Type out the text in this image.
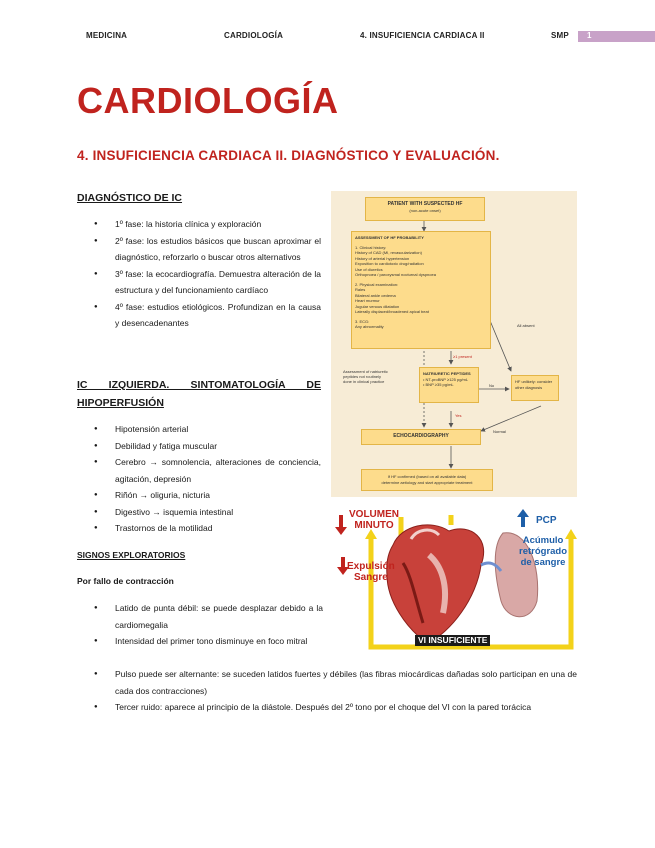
MEDICINA	CARDIOLOGÍA	4. INSUFICIENCIA CARDIACA II	SMP 1
CARDIOLOGÍA
4. INSUFICIENCIA CARDIACA II. DIAGNÓSTICO Y EVALUACIÓN.
DIAGNÓSTICO DE IC
● 1º fase: la historia clínica y exploración
● 2º fase: los estudios básicos que buscan aproximar el diagnóstico, reforzarlo o buscar otros alternativos
● 3º fase: la ecocardiografía. Demuestra alteración de la estructura y del funcionamiento cardíaco
● 4º fase: estudios etiológicos. Profundizan en la causa y desencadenantes
IC IZQUIERDA. SINTOMATOLOGÍA DE HIPOPERFUSIÓN
● Hipotensión arterial
● Debilidad y fatiga muscular
● Cerebro → somnolencia, alteraciones de conciencia, agitación, depresión
● Riñón → oliguria, nicturia
● Digestivo → isquemia intestinal
● Trastornos de la motilidad
SIGNOS EXPLORATORIOS
Por fallo de contracción
● Latido de punta débil: se puede desplazar debido a la cardiomegalia
● Intensidad del primer tono disminuye en foco mitral
● Pulso puede ser alternante: se suceden latidos fuertes y débiles (las fibras miocárdicas dañadas solo participan en una de cada dos contracciones)
● Tercer ruido: aparece al principio de la diástole. Después del 2º tono por el choque del VI con la pared torácica
PATIENT WITH SUSPECTED HF
(non-acute onset)
ASSESSMENT OF HF PROBABILITY
1. Clinical history:
History of CAD (MI, revascularization)
History of arterial hypertension
Exposition to cardiotoxic drug/radiation
Use of diuretics
Orthopnoea / paroxysmal nocturnal dyspnoea
2. Physical examination:
Rales
Bilateral ankle oedema
Heart murmur
Jugular venous dilatation
Laterally displaced/broadened apical beat
3. ECG:
Any abnormality
≥1 present
All absent
Assessment of natriuretic peptides not routinely done in clinical practice
NATRIURETIC PEPTIDES
• NT-proBNP ≥125 pg/mL
• BNP ≥35 pg/mL	No
Yes
HF unlikely: consider other diagnosis
Normal
ECHOCARDIOGRAPHY
If HF confirmed (based on all available data)
determine aetiology and start appropriate treatment
VOLUMEN
MINUTO
Expulsión
Sangre
PCP
Acúmulo
retrógrado
de sangre
VI INSUFICIENTE
